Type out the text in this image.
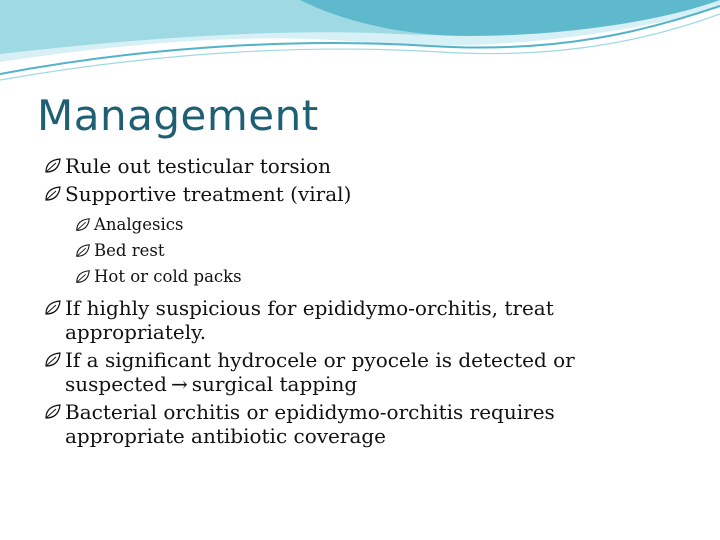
Management
Rule out testicular torsion
Supportive treatment (viral)
Analgesics
Bed rest
Hot or cold packs
If highly suspicious for epididymo-orchitis, treat appropriately.
If a significant hydrocele or pyocele is detected or suspected → surgical tapping
Bacterial orchitis or epididymo-orchitis requires appropriate antibiotic coverage
